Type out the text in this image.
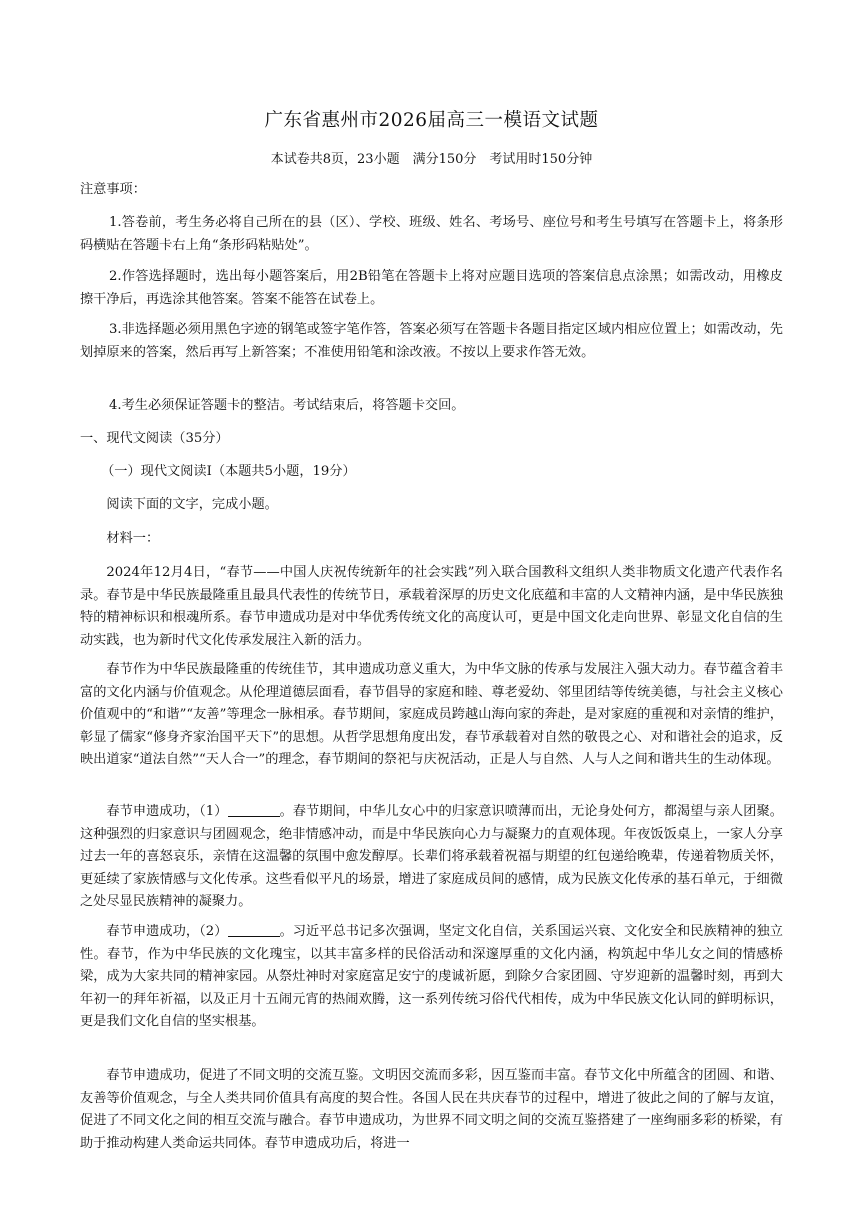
广东省惠州市2026届高三一模语文试题
本试卷共8页，23小题　满分150分　考试用时150分钟
注意事项：

1.答卷前，考生务必将自己所在的县（区）、学校、班级、姓名、考场号、座位号和考生号填写在答题卡上，将条形码横贴在答题卡右上角“条形码粘贴处”。

2.作答选择题时，选出每小题答案后，用2B铅笔在答题卡上将对应题目选项的答案信息点涂黑；如需改动，用橡皮擦干净后，再选涂其他答案。答案不能答在试卷上。

3.非选择题必须用黑色字迹的钢笔或签字笔作答，答案必须写在答题卡各题目指定区域内相应位置上；如需改动，先划掉原来的答案，然后再写上新答案；不准使用铅笔和涂改液。不按以上要求作答无效。

4.考生必须保证答题卡的整洁。考试结束后，将答题卡交回。

一、现代文阅读（35分）
（一）现代文阅读Ⅰ（本题共5小题，19分）
阅读下面的文字，完成小题。
材料一：

2024年12月4日，“春节——中国人庆祝传统新年的社会实践”列入联合国教科文组织人类非物质文化遗产代表作名录。春节是中华民族最隆重且最具代表性的传统节日，承载着深厚的历史文化底蕴和丰富的人文精神内涵，是中华民族独特的精神标识和根魂所系。春节申遗成功是对中华优秀传统文化的高度认可，更是中国文化走向世界、彰显文化自信的生动实践，也为新时代文化传承发展注入新的活力。

春节作为中华民族最隆重的传统佳节，其申遗成功意义重大，为中华文脉的传承与发展注入强大动力。春节蕴含着丰富的文化内涵与价值观念。从伦理道德层面看，春节倡导的家庭和睦、尊老爱幼、邻里团结等传统美德，与社会主义核心价值观中的“和谐”“友善”等理念一脉相承。春节期间，家庭成员跨越山海向家的奔赴，是对家庭的重视和对亲情的维护，彰显了儒家“修身齐家治国平天下”的思想。从哲学思想角度出发，春节承载着对自然的敬畏之心、对和谐社会的追求，反映出道家“道法自然”“天人合一”的理念，春节期间的祭祀与庆祝活动，正是人与自然、人与人之间和谐共生的生动体现。

春节申遗成功，（1）	。春节期间，中华儿女心中的归家意识喷薄而出，无论身处何方，都渴望与亲人团聚。这种强烈的归家意识与团圆观念，绝非情感冲动，而是中华民族向心力与凝聚力的直观体现。年夜饭饭桌上，一家人分享过去一年的喜怒哀乐，亲情在这温馨的氛围中愈发醇厚。长辈们将承载着祝福与期望的红包递给晚辈，传递着物质关怀，更延续了家族情感与文化传承。这些看似平凡的场景，增进了家庭成员间的感情，成为民族文化传承的基石单元，于细微之处尽显民族精神的凝聚力。

春节申遗成功，（2）	。习近平总书记多次强调，坚定文化自信，关系国运兴衰、文化安全和民族精神的独立性。春节，作为中华民族的文化瑰宝，以其丰富多样的民俗活动和深邃厚重的文化内涵，构筑起中华儿女之间的情感桥梁，成为大家共同的精神家园。从祭灶神时对家庭富足安宁的虔诚祈愿，到除夕合家团圆、守岁迎新的温馨时刻，再到大年初一的拜年祈福，以及正月十五闹元宵的热闹欢腾，这一系列传统习俗代代相传，成为中华民族文化认同的鲜明标识，更是我们文化自信的坚实根基。

春节申遗成功，促进了不同文明的交流互鉴。文明因交流而多彩，因互鉴而丰富。春节文化中所蕴含的团圆、和谐、友善等价值观念，与全人类共同价值具有高度的契合性。各国人民在共庆春节的过程中，增进了彼此之间的了解与友谊，促进了不同文化之间的相互交流与融合。春节申遗成功，为世界不同文明之间的交流互鉴搭建了一座绚丽多彩的桥梁，有助于推动构建人类命运共同体。春节申遗成功后，将进一
